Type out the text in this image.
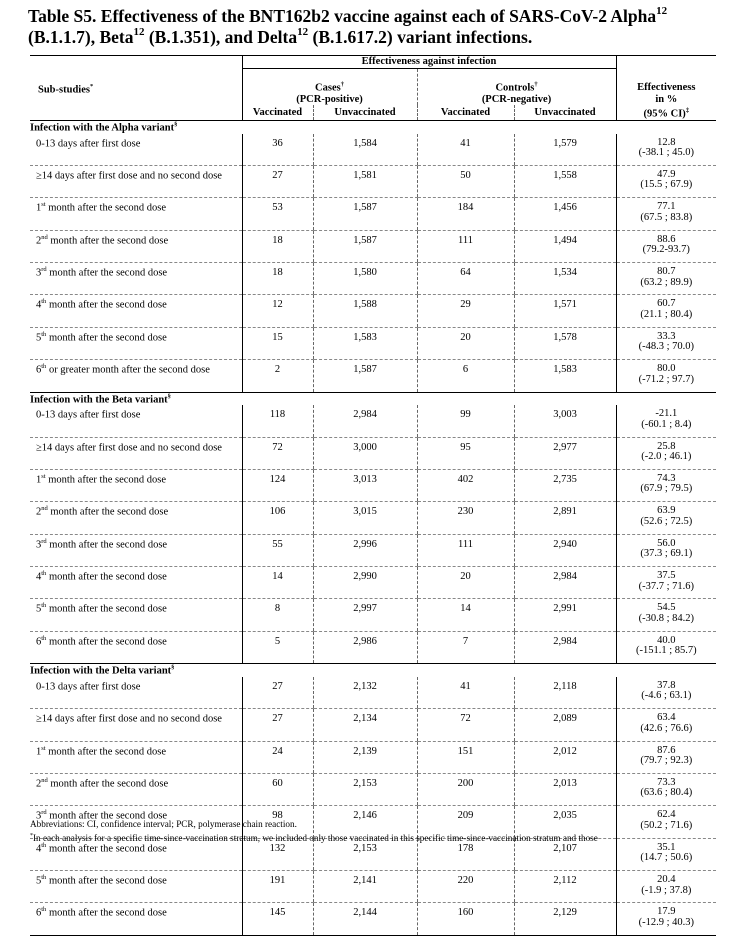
Table S5. Effectiveness of the BNT162b2 vaccine against each of SARS-CoV-2 Alpha$^{12}$
(B.1.1.7), Beta$^{12}$ (B.1.351), and Delta$^{12}$ (B.1.617.2) variant infections.
Sub-studies*	Effectiveness against infection				Effectiveness
in %
	Cases†
(PCR-positive)		Controls†
(PCR-negative)		
	Vaccinated	Unvaccinated	Vaccinated	Unvaccinated	(95% CI)‡
Infection with the Alpha variant§
0-13 days after first dose	36	1,584	41	1,579	12.8
(-38.1 ; 45.0)
≥14 days after first dose and no second dose	27	1,581	50	1,558	47.9
(15.5 ; 67.9)
1st month after the second dose	53	1,587	184	1,456	77.1
(67.5 ; 83.8)
2nd month after the second dose	18	1,587	111	1,494	88.6
(79.2-93.7)
3rd month after the second dose	18	1,580	64	1,534	80.7
(63.2 ; 89.9)
4th month after the second dose	12	1,588	29	1,571	60.7
(21.1 ; 80.4)
5th month after the second dose	15	1,583	20	1,578	33.3
(-48.3 ; 70.0)
6th or greater month after the second dose	2	1,587	6	1,583	80.0
(-71.2 ; 97.7)
Infection with the Beta variant§
0-13 days after first dose	118	2,984	99	3,003	-21.1
(-60.1 ; 8.4)
≥14 days after first dose and no second dose	72	3,000	95	2,977	25.8
(-2.0 ; 46.1)
1st month after the second dose	124	3,013	402	2,735	74.3
(67.9 ; 79.5)
2nd month after the second dose	106	3,015	230	2,891	63.9
(52.6 ; 72.5)
3rd month after the second dose	55	2,996	111	2,940	56.0
(37.3 ; 69.1)
4th month after the second dose	14	2,990	20	2,984	37.5
(-37.7 ; 71.6)
5th month after the second dose	8	2,997	14	2,991	54.5
(-30.8 ; 84.2)
6th month after the second dose	5	2,986	7	2,984	40.0
(-151.1 ; 85.7)
Infection with the Delta variant§
0-13 days after first dose	27	2,132	41	2,118	37.8
(-4.6 ; 63.1)
≥14 days after first dose and no second dose	27	2,134	72	2,089	63.4
(42.6 ; 76.6)
1st month after the second dose	24	2,139	151	2,012	87.6
(79.7 ; 92.3)
2nd month after the second dose	60	2,153	200	2,013	73.3
(63.6 ; 80.4)
3rd month after the second dose	98	2,146	209	2,035	62.4
(50.2 ; 71.6)
4th month after the second dose	132	2,153	178	2,107	35.1
(14.7 ; 50.6)
5th month after the second dose	191	2,141	220	2,112	20.4
(-1.9 ; 37.8)
6th month after the second dose	145	2,144	160	2,129	17.9
(-12.9 ; 40.3)
Abbreviations: CI, confidence interval; PCR, polymerase chain reaction.
*In each analysis for a specific time-since-vaccination stratum, we included only those vaccinated in this specific time-since-vaccination stratum and those
